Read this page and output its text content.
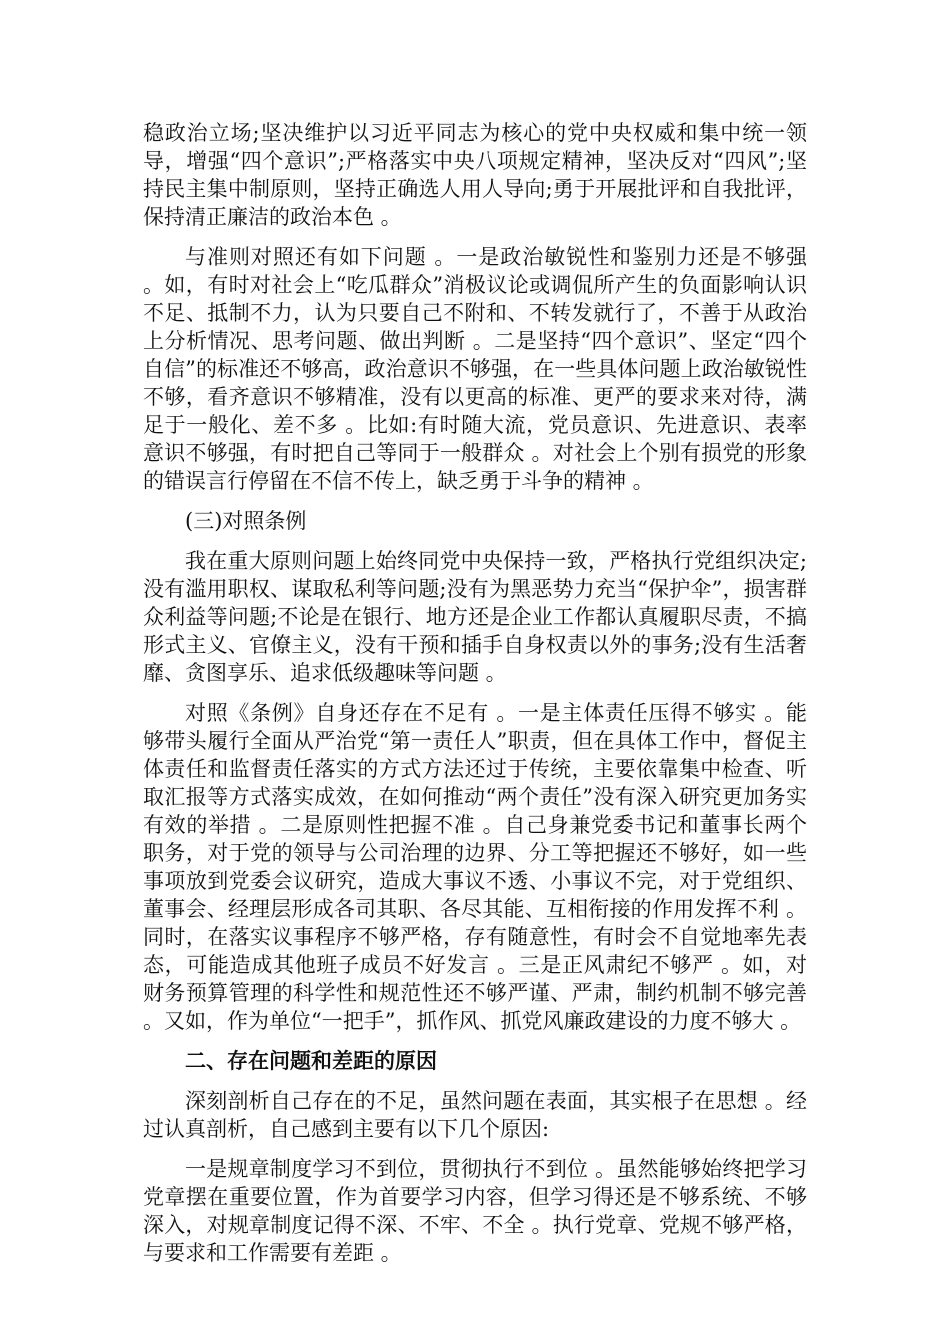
稳政治立场;坚决维护以习近平同志为核心的党中央权威和集中统一领导，增强“四个意识”;严格落实中央八项规定精神，坚决反对“四风”;坚持民主集中制原则，坚持正确选人用人导向;勇于开展批评和自我批评，保持清正廉洁的政治本色 。

与准则对照还有如下问题 。一是政治敏锐性和鉴别力还是不够强 。如，有时对社会上“吃瓜群众”消极议论或调侃所产生的负面影响认识不足、抵制不力，认为只要自己不附和、不转发就行了，不善于从政治上分析情况、思考问题、做出判断 。二是坚持“四个意识”、坚定“四个自信”的标准还不够高，政治意识不够强，在一些具体问题上政治敏锐性不够，看齐意识不够精准，没有以更高的标准、更严的要求来对待，满足于一般化、差不多 。比如:有时随大流，党员意识、先进意识、表率意识不够强，有时把自己等同于一般群众 。对社会上个别有损党的形象的错误言行停留在不信不传上，缺乏勇于斗争的精神 。

(三)对照条例

我在重大原则问题上始终同党中央保持一致，严格执行党组织决定;没有滥用职权、谋取私利等问题;没有为黑恶势力充当“保护伞”，损害群众利益等问题;不论是在银行、地方还是企业工作都认真履职尽责，不搞形式主义、官僚主义，没有干预和插手自身权责以外的事务;没有生活奢靡、贪图享乐、追求低级趣味等问题 。

对照《条例》自身还存在不足有 。一是主体责任压得不够实 。能够带头履行全面从严治党“第一责任人”职责，但在具体工作中，督促主体责任和监督责任落实的方式方法还过于传统，主要依靠集中检查、听取汇报等方式落实成效，在如何推动“两个责任”没有深入研究更加务实有效的举措 。二是原则性把握不准 。自己身兼党委书记和董事长两个职务，对于党的领导与公司治理的边界、分工等把握还不够好，如一些事项放到党委会议研究，造成大事议不透、小事议不完，对于党组织、董事会、经理层形成各司其职、各尽其能、互相衔接的作用发挥不利 。同时，在落实议事程序不够严格，存有随意性，有时会不自觉地率先表态，可能造成其他班子成员不好发言 。三是正风肃纪不够严 。如，对财务预算管理的科学性和规范性还不够严谨、严肃，制约机制不够完善 。又如，作为单位“一把手”，抓作风、抓党风廉政建设的力度不够大 。

二、存在问题和差距的原因

深刻剖析自己存在的不足，虽然问题在表面，其实根子在思想 。经过认真剖析，自己感到主要有以下几个原因:

一是规章制度学习不到位，贯彻执行不到位 。虽然能够始终把学习党章摆在重要位置，作为首要学习内容，但学习得还是不够系统、不够深入，对规章制度记得不深、不牢、不全 。执行党章、党规不够严格，与要求和工作需要有差距 。
